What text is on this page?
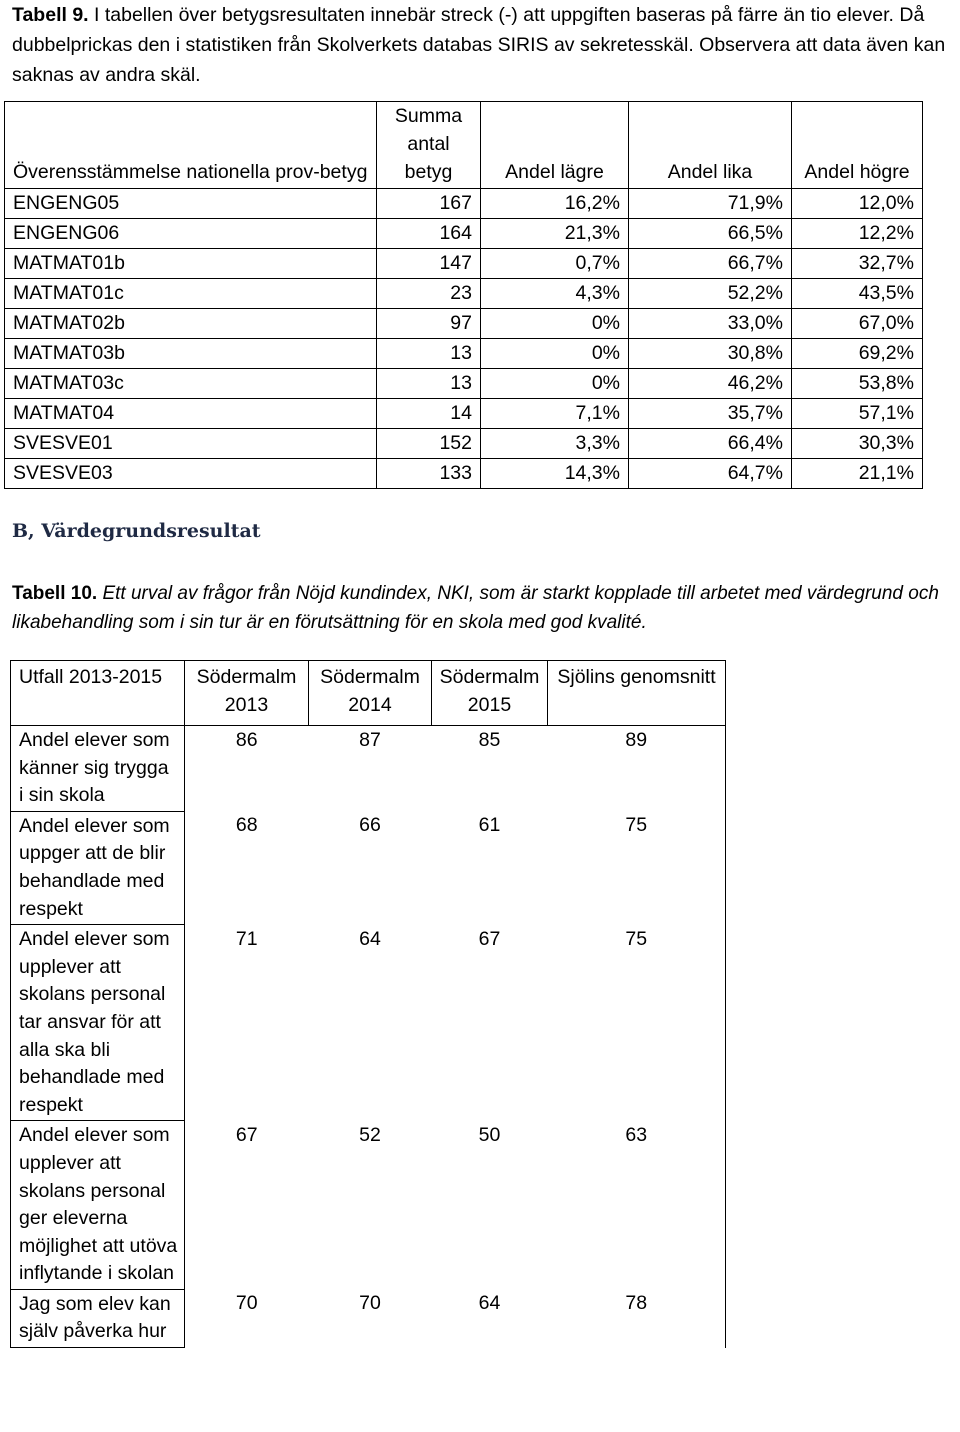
Tabell 9. I tabellen över betygsresultaten innebär streck (-) att uppgiften baseras på färre än tio elever. Då dubbelprickas den i statistiken från Skolverkets databas SIRIS av sekretesskäl. Observera att data även kan saknas av andra skäl.
Överensstämmelse nationella prov-betyg	Summa antal betyg	Andel lägre	Andel lika	Andel högre
ENGENG05	167	16,2%	71,9%	12,0%
ENGENG06	164	21,3%	66,5%	12,2%
MATMAT01b	147	0,7%	66,7%	32,7%
MATMAT01c	23	4,3%	52,2%	43,5%
MATMAT02b	97	0%	33,0%	67,0%
MATMAT03b	13	0%	30,8%	69,2%
MATMAT03c	13	0%	46,2%	53,8%
MATMAT04	14	7,1%	35,7%	57,1%
SVESVE01	152	3,3%	66,4%	30,3%
SVESVE03	133	14,3%	64,7%	21,1%
B, Värdegrundsresultat
Tabell 10. Ett urval av frågor från Nöjd kundindex, NKI, som är starkt kopplade till arbetet med värdegrund och likabehandling som i sin tur är en förutsättning för en skola med god kvalité.
Utfall 2013-2015	Södermalm 2013	Södermalm 2014	Södermalm 2015	Sjölins genomsnitt
Andel elever som känner sig trygga i sin skola	86	87	85	89
Andel elever som uppger att de blir behandlade med respekt	68	66	61	75
Andel elever som upplever att skolans personal tar ansvar för att alla ska bli behandlade med respekt	71	64	67	75
Andel elever som upplever att skolans personal ger eleverna möjlighet att utöva inflytande i skolan	67	52	50	63
Jag som elev kan själv påverka hur	70	70	64	78
